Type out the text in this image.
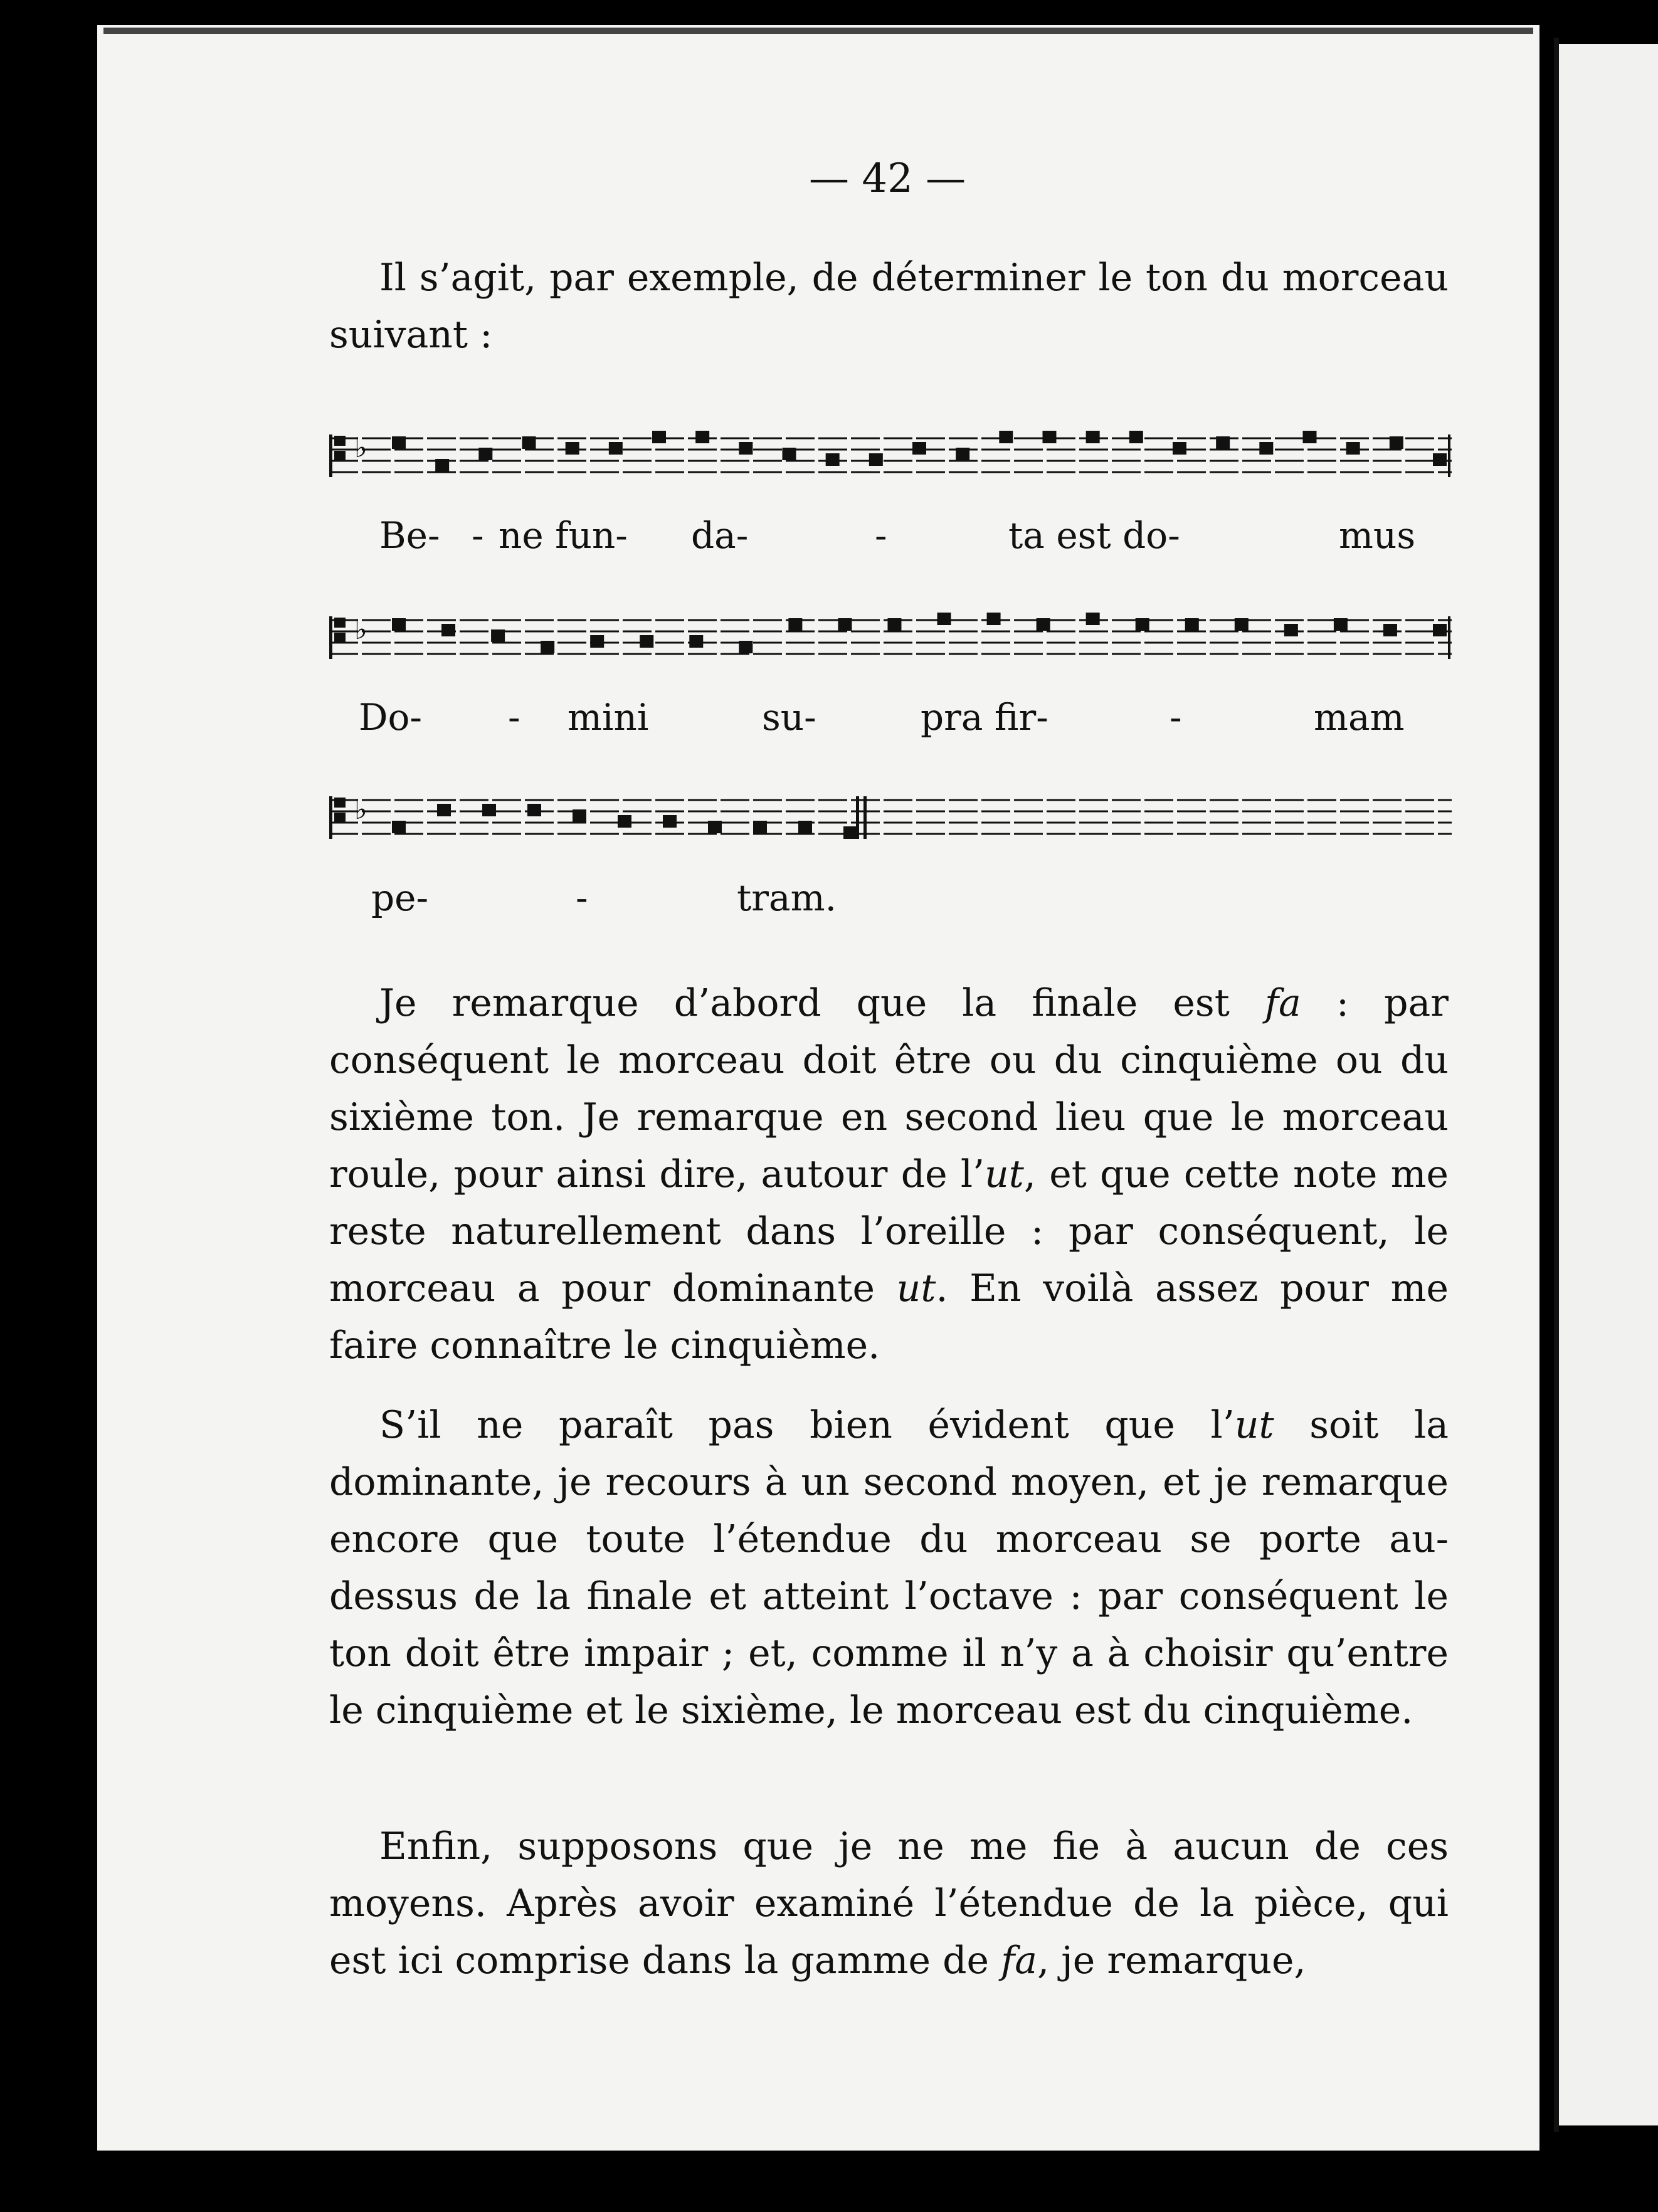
— 42 —
Il s’agit, par exemple, de déterminer le ton du morceau suivant :
♭
Be- - ne fun- da-	-	ta est do-	mus
♭
Do- - mini	su-	pra fir-	-	mam
♭
pe-	-	tram.
Je remarque d’abord que la finale est fa : par conséquent le morceau doit être ou du cinquième ou du sixième ton. Je remarque en second lieu que le morceau roule, pour ainsi dire, autour de l’ut, et que cette note me reste naturellement dans l’oreille : par conséquent, le morceau a pour dominante ut. En voilà assez pour me faire connaître le cinquième.
S’il ne paraît pas bien évident que l’ut soit la dominante, je recours à un second moyen, et je remarque encore que toute l’étendue du morceau se porte au-dessus de la finale et atteint l’octave : par conséquent le ton doit être impair ; et, comme il n’y a à choisir qu’entre le cinquième et le sixième, le morceau est du cinquième.
Enfin, supposons que je ne me fie à aucun de ces moyens. Après avoir examiné l’étendue de la pièce, qui est ici comprise dans la gamme de fa, je remarque,
